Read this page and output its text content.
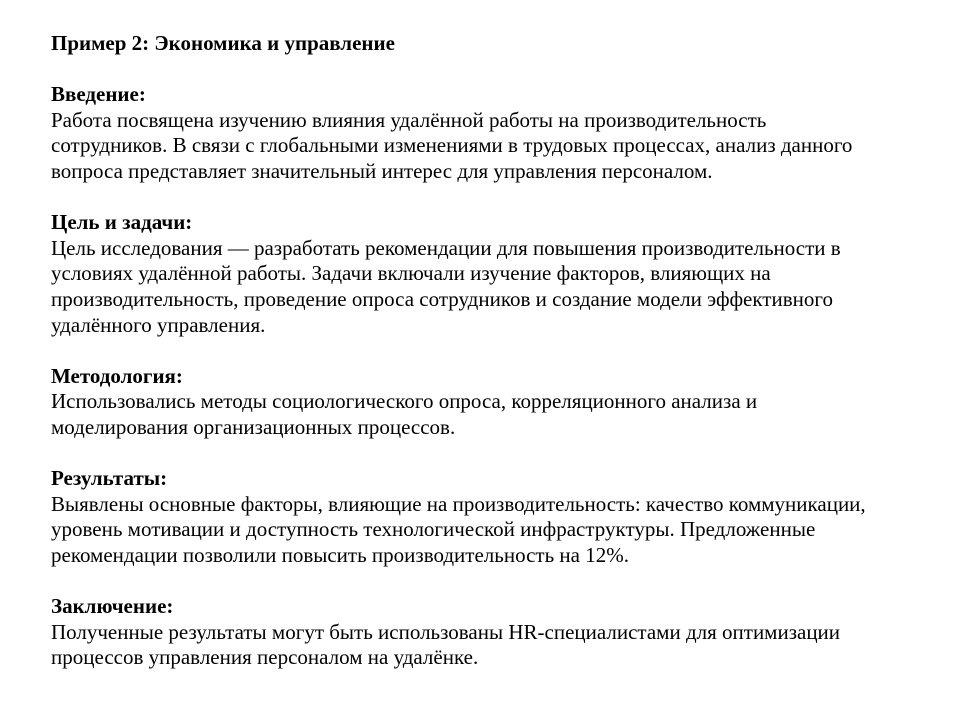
Пример 2: Экономика и управление
Введение:

Работа посвящена изучению влияния удалённой работы на производительность
сотрудников. В связи с глобальными изменениями в трудовых процессах, анализ данного
вопроса представляет значительный интерес для управления персоналом.

Цель и задачи:

Цель исследования — разработать рекомендации для повышения производительности в
условиях удалённой работы. Задачи включали изучение факторов, влияющих на
производительность, проведение опроса сотрудников и создание модели эффективного
удалённого управления.

Методология:

Использовались методы социологического опроса, корреляционного анализа и
моделирования организационных процессов.

Результаты:

Выявлены основные факторы, влияющие на производительность: качество коммуникации,
уровень мотивации и доступность технологической инфраструктуры. Предложенные
рекомендации позволили повысить производительность на 12%.

Заключение:

Полученные результаты могут быть использованы HR-специалистами для оптимизации
процессов управления персоналом на удалёнке.
